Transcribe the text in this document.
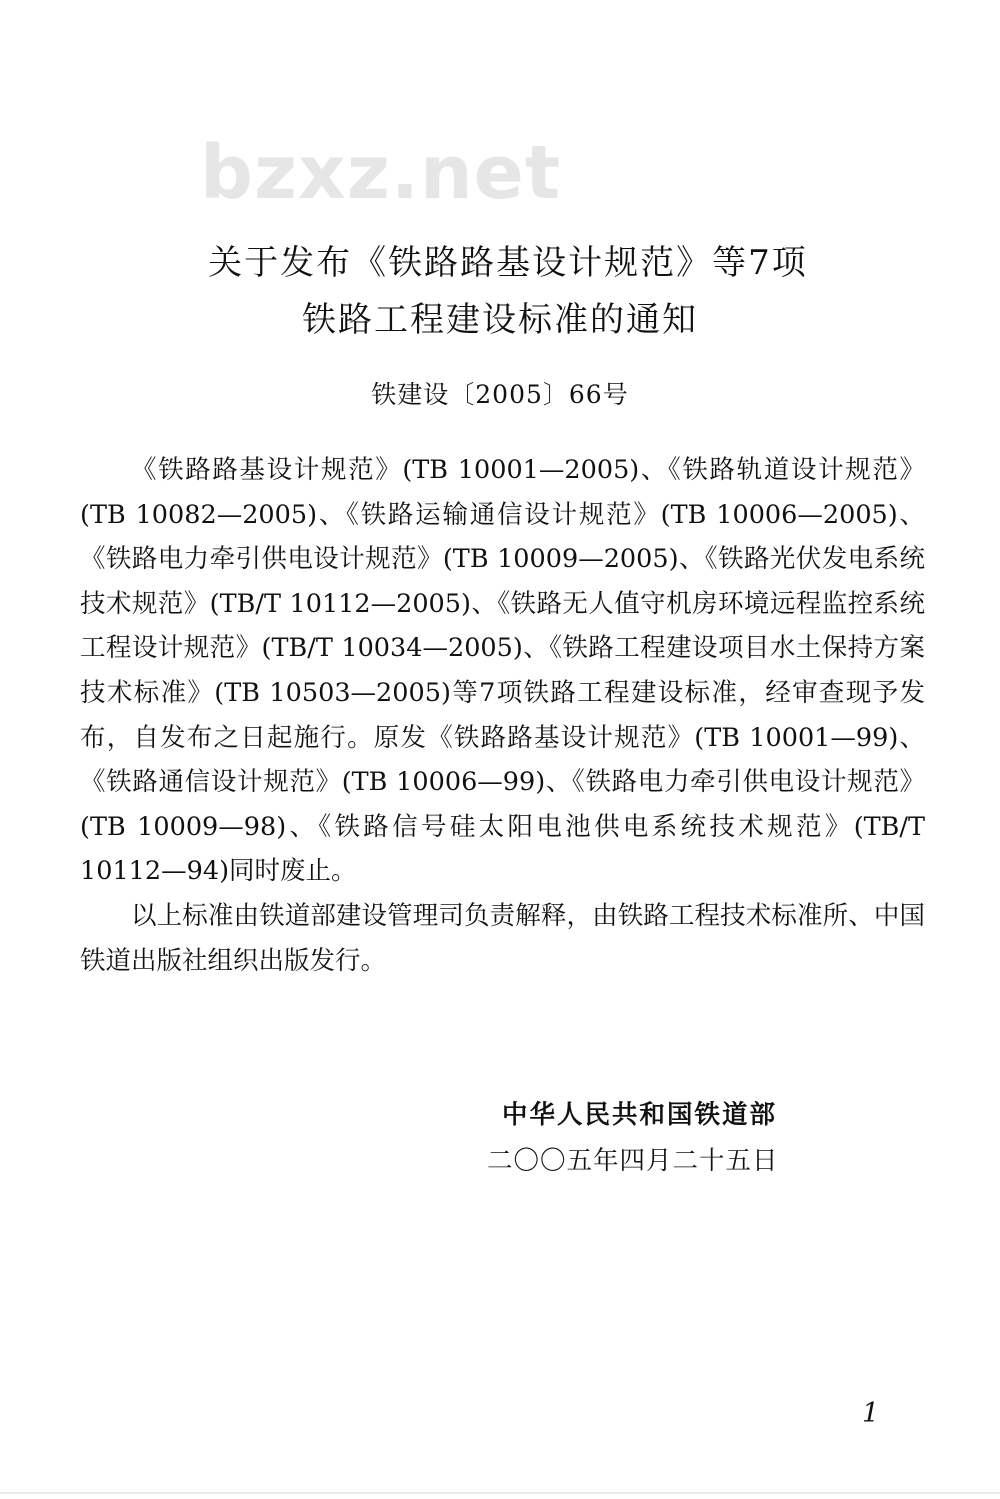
bzxz.net
关于发布《铁路路基设计规范》等7项
铁路工程建设标准的通知
铁建设〔2005〕66号

《铁路路基设计规范》(TB 10001—2005)、《铁路轨道设计规范》(TB 10082—2005)、《铁路运输通信设计规范》(TB 10006—2005)、《铁路电力牵引供电设计规范》(TB 10009—2005)、《铁路光伏发电系统技术规范》(TB/T 10112—2005)、《铁路无人值守机房环境远程监控系统工程设计规范》(TB/T 10034—2005)、《铁路工程建设项目水土保持方案技术标准》(TB 10503—2005)等7项铁路工程建设标准，经审查现予发布，自发布之日起施行。原发《铁路路基设计规范》(TB 10001—99)、《铁路通信设计规范》(TB 10006—99)、《铁路电力牵引供电设计规范》(TB 10009—98)、《铁路信号硅太阳电池供电系统技术规范》(TB/T 10112—94)同时废止。

以上标准由铁道部建设管理司负责解释，由铁路工程技术标准所、中国铁道出版社组织出版发行。

中华人民共和国铁道部
二〇〇五年四月二十五日
1
